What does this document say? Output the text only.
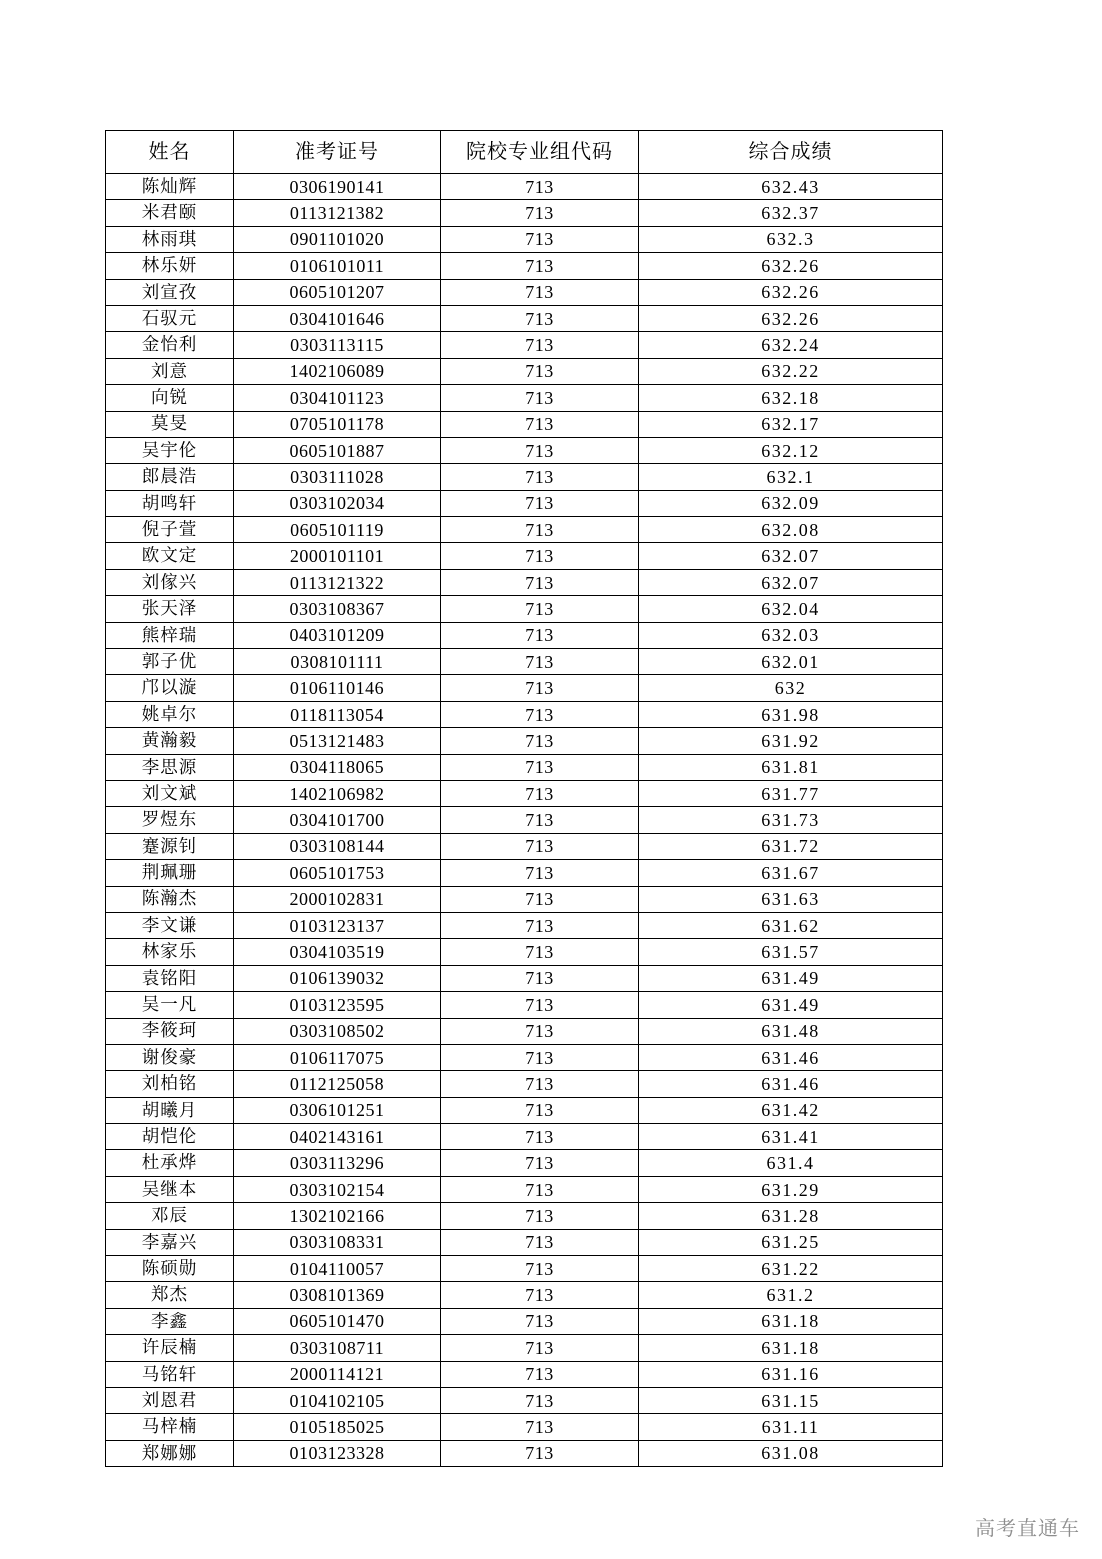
姓名	准考证号	院校专业组代码	综合成绩
陈灿辉	0306190141	713	632.43
米君颐	0113121382	713	632.37
林雨琪	0901101020	713	632.3
林乐妍	0106101011	713	632.26
刘宣孜	0605101207	713	632.26
石驭元	0304101646	713	632.26
金怡利	0303113115	713	632.24
刘意	1402106089	713	632.22
向锐	0304101123	713	632.18
莫旻	0705101178	713	632.17
吴宇伦	0605101887	713	632.12
郎晨浩	0303111028	713	632.1
胡鸣轩	0303102034	713	632.09
倪子萱	0605101119	713	632.08
欧文定	2000101101	713	632.07
刘傢兴	0113121322	713	632.07
张天泽	0303108367	713	632.04
熊梓瑞	0403101209	713	632.03
郭子优	0308101111	713	632.01
邝以漩	0106110146	713	632
姚卓尔	0118113054	713	631.98
黄瀚毅	0513121483	713	631.92
李思源	0304118065	713	631.81
刘文斌	1402106982	713	631.77
罗煜东	0304101700	713	631.73
蹇源钊	0303108144	713	631.72
荆珮珊	0605101753	713	631.67
陈瀚杰	2000102831	713	631.63
李文谦	0103123137	713	631.62
林家乐	0304103519	713	631.57
袁铭阳	0106139032	713	631.49
吴一凡	0103123595	713	631.49
李筱珂	0303108502	713	631.48
谢俊豪	0106117075	713	631.46
刘柏铭	0112125058	713	631.46
胡曦月	0306101251	713	631.42
胡恺伦	0402143161	713	631.41
杜承烨	0303113296	713	631.4
吴继本	0303102154	713	631.29
邓辰	1302102166	713	631.28
李嘉兴	0303108331	713	631.25
陈硕勋	0104110057	713	631.22
郑杰	0308101369	713	631.2
李鑫	0605101470	713	631.18
许辰楠	0303108711	713	631.18
马铭轩	2000114121	713	631.16
刘恩君	0104102105	713	631.15
马梓楠	0105185025	713	631.11
郑娜娜	0103123328	713	631.08
高考直通车
